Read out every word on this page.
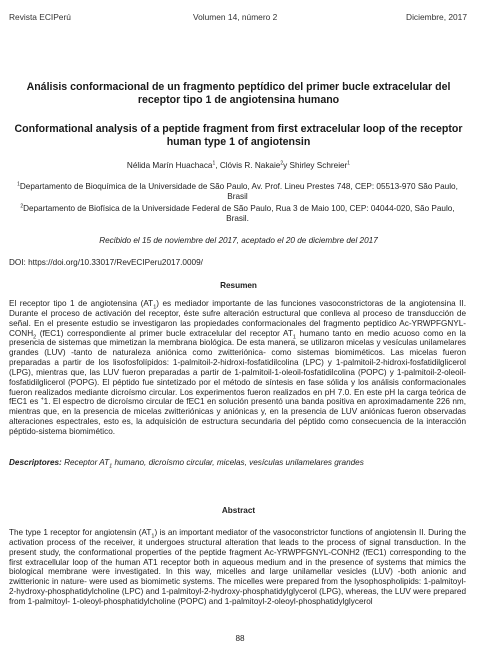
Revista ECIPerú	Volumen 14, número 2	Diciembre, 2017
Análisis conformacional de un fragmento peptídico del primer bucle extracelular del receptor tipo 1 de angiotensina humano
Conformational analysis of a peptide fragment from first extracelular loop of the receptor human type 1 of angiotensin
Nélida Marín Huachaca$^1$, Clóvis R. Nakaie$^2$y Shirley Schreier$^1$
$^1$Departamento de Bioquímica de la Universidade de São Paulo, Av. Prof. Lineu Prestes 748, CEP: 05513-970 São Paulo, Brasil
$^2$Departamento de Biofísica de la Universidade Federal de São Paulo, Rua 3 de Maio 100, CEP: 04044-020, São Paulo, Brasil.
Recibido el 15 de noviembre del 2017, aceptado el 20 de diciembre del 2017
DOI: https://doi.org/10.33017/RevECIPeru2017.0009/
Resumen

El receptor tipo 1 de angiotensina $(AT_1)$ es mediador importante de las funciones vasoconstrictoras de la angiotensina II. Durante el proceso de activación del receptor, éste sufre alteración estructural que conlleva al proceso de transducción de señal. En el presente estudio se investigaron las propiedades conformacionales del fragmento peptídico $Ac-YRWPFGNYL-CONH_2$ (fEC1) correspondiente al primer bucle extracelular del receptor $AT_1$ humano tanto en medio acuoso como en la presencia de sistemas que mimetizan la membrana biológica. De esta manera, se utilizaron micelas y vesículas unilamelares grandes (LUV) -tanto de naturaleza aniónica como zwitteriónica- como sistemas biomiméticos. Las micelas fueron preparadas a partir de los lisofosfolípidos: 1-palmitoil-2-hidroxi-fosfatidilcolina (LPC) y 1-palmitoil-2-hidroxi-fosfatidilglicerol (LPG), mientras que, las LUV fueron preparadas a partir de 1-palmitoil-1-oleoil-fosfatidilcolina (POPC) y 1-palmitoil-2-oleoil-fosfatidilglicerol (POPG). El péptido fue sintetizado por el método de síntesis en fase sólida y los análisis conformacionales fueron realizados mediante dicroísmo circular. Los experimentos fueron realizados en pH 7.0. En este pH la carga teórica de fEC1 es +1. El espectro de dicroísmo circular de fEC1 en solución presentó una banda positiva en aproximadamente 226 nm, mientras que, en la presencia de micelas zwitteriónicas y aniónicas y, en la presencia de LUV aniónicas fueron observadas alteraciones espectrales, esto es, la adquisición de estructura secundaria del péptido como consecuencia de la interacción péptido-sistema biomimético.

Descriptores: Receptor $AT_1$ humano, dicroísmo circular, micelas, vesículas unilamelares grandes
Abstract

The type 1 receptor for angiotensin $(AT_1)$ is an important mediator of the vasoconstrictor functions of angiotensin II. During the activation process of the receiver, it undergoes structural alteration that leads to the process of signal transduction. In the present study, the conformational properties of the peptide fragment Ac-YRWPFGNYL-CONH2 (fEC1) corresponding to the first extracellular loop of the human AT1 receptor both in aqueous medium and in the presence of systems that mimics the biological membrane were investigated. In this way, micelles and large unilamellar vesicles (LUV) -both anionic and zwitterionic in nature- were used as biomimetic systems. The micelles were prepared from the lysophospholipids: 1-palmitoyl-2-hydroxy-phosphatidylcholine (LPC) and 1-palmitoyl-2-hydroxy-phosphatidylglycerol (LPG), whereas, the LUV were prepared from 1-palmitoyl- 1-oleoyl-phosphatidylcholine (POPC) and 1-palmitoyl-2-oleoyl-phosphatidylglycerol

88
